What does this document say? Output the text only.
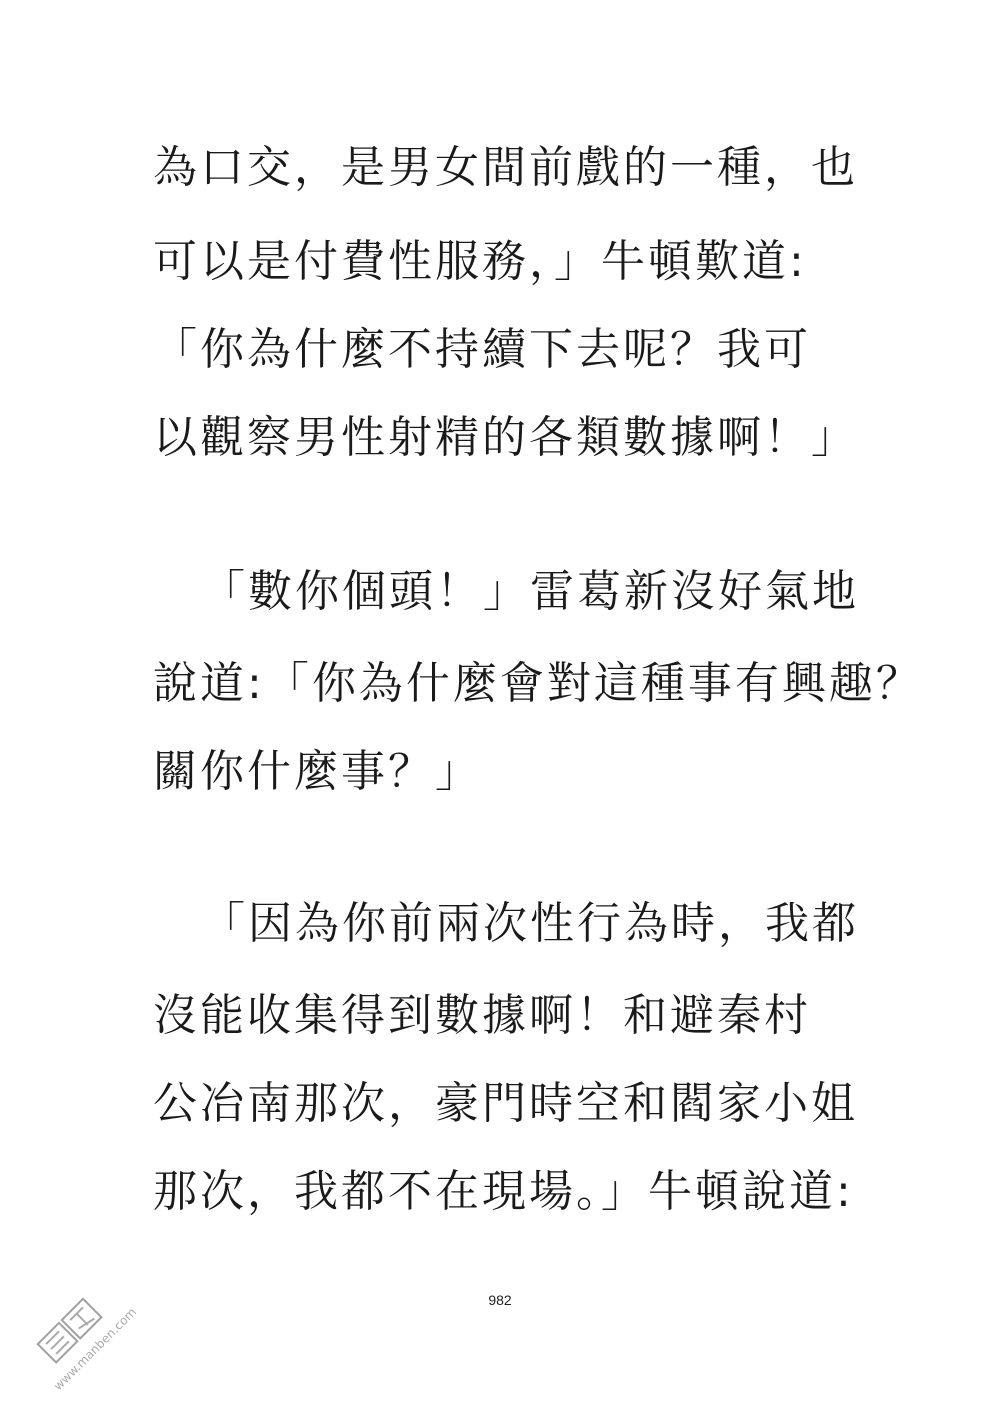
為口交，是男女間前戲的一種，也
可以是付費性服務，」牛頓歎道:
「你為什麼不持續下去呢？我可
以觀察男性射精的各類數據啊！」
「數你個頭！」雷葛新沒好氣地
說道:「你為什麼會對這種事有興趣？
關你什麼事？」
「因為你前兩次性行為時，我都
沒能收集得到數據啊！和避秦村
公冶南那次，豪門時空和閻家小姐
那次，我都不在現場。」牛頓說道:
982
www.manben.com
